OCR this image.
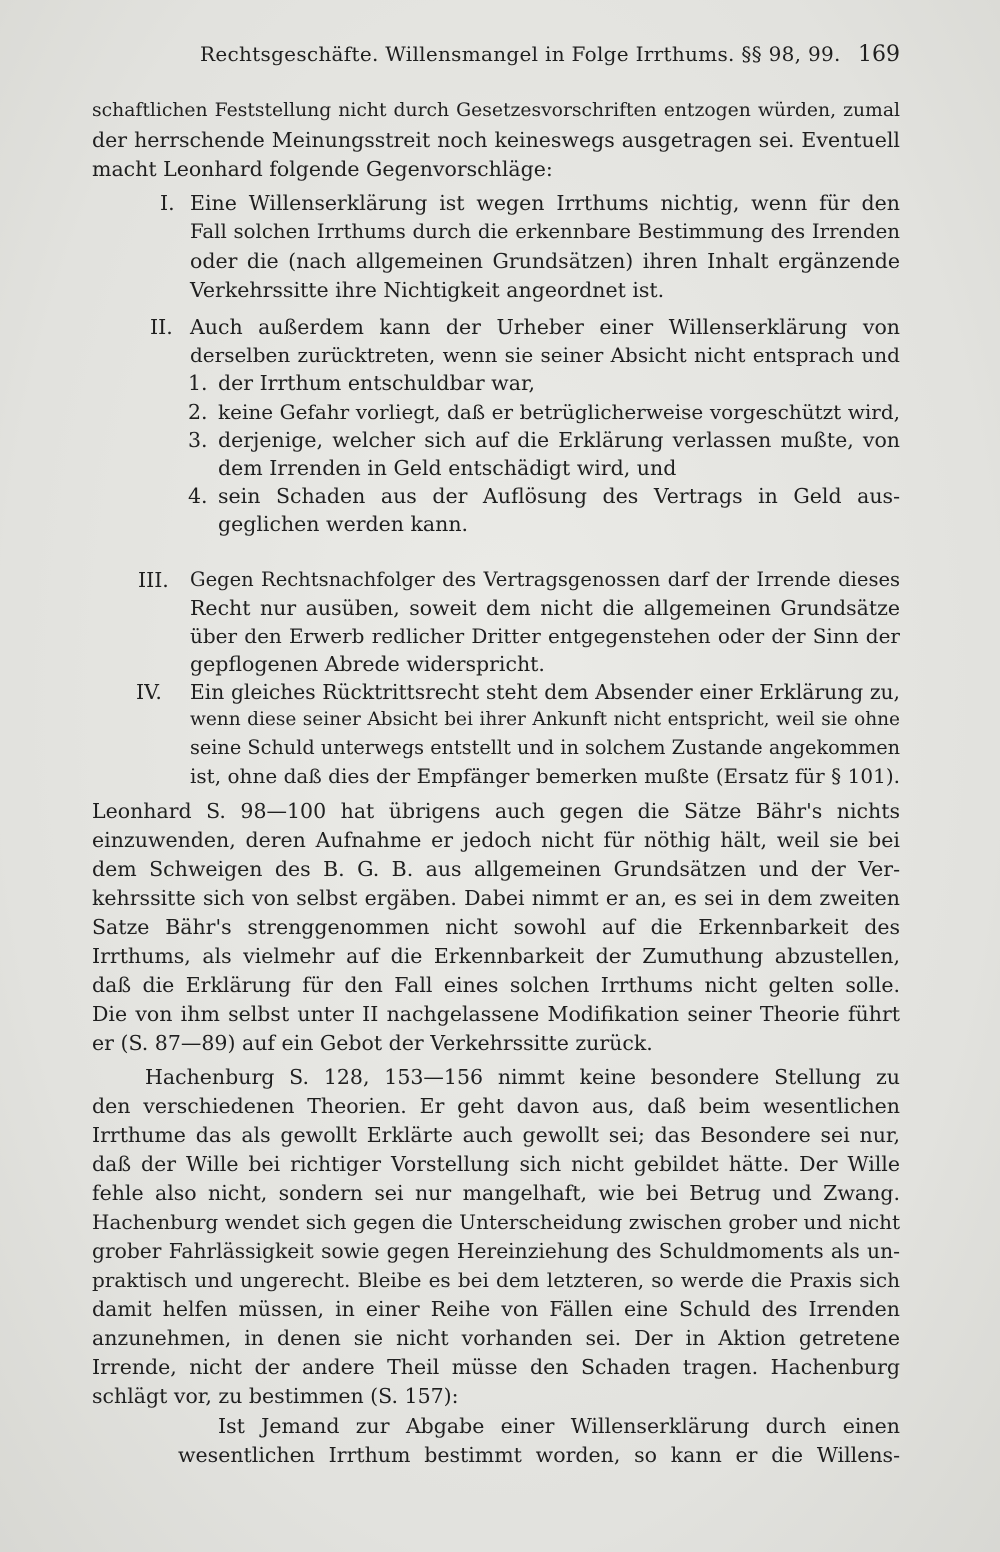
Rechtsgeschäfte. Willensmangel in Folge Irrthums. §§ 98, 99. 169
I.
II.
1.
2.
3.
4.
III.
IV.
schaftlichen Feststellung nicht durch Gesetzesvorschriften entzogen würden, zumal
der herrschende Meinungsstreit noch keineswegs ausgetragen sei. Eventuell
macht Leonhard folgende Gegenvorschläge:
Eine Willenserklärung ist wegen Irrthums nichtig, wenn für den
Fall solchen Irrthums durch die erkennbare Bestimmung des Irrenden
oder die (nach allgemeinen Grundsätzen) ihren Inhalt ergänzende
Verkehrssitte ihre Nichtigkeit angeordnet ist.
Auch außerdem kann der Urheber einer Willenserklärung von
derselben zurücktreten, wenn sie seiner Absicht nicht entsprach und
der Irrthum entschuldbar war,
keine Gefahr vorliegt, daß er betrüglicherweise vorgeschützt wird,
derjenige, welcher sich auf die Erklärung verlassen mußte, von
dem Irrenden in Geld entschädigt wird, und
sein Schaden aus der Auflösung des Vertrags in Geld aus-
geglichen werden kann.
Gegen Rechtsnachfolger des Vertragsgenossen darf der Irrende dieses
Recht nur ausüben, soweit dem nicht die allgemeinen Grundsätze
über den Erwerb redlicher Dritter entgegenstehen oder der Sinn der
gepflogenen Abrede widerspricht.
Ein gleiches Rücktrittsrecht steht dem Absender einer Erklärung zu,
wenn diese seiner Absicht bei ihrer Ankunft nicht entspricht, weil sie ohne
seine Schuld unterwegs entstellt und in solchem Zustande angekommen
ist, ohne daß dies der Empfänger bemerken mußte (Ersatz für § 101).
Leonhard S. 98—100 hat übrigens auch gegen die Sätze Bähr's nichts
einzuwenden, deren Aufnahme er jedoch nicht für nöthig hält, weil sie bei
dem Schweigen des B. G. B. aus allgemeinen Grundsätzen und der Ver-
kehrssitte sich von selbst ergäben. Dabei nimmt er an, es sei in dem zweiten
Satze Bähr's strenggenommen nicht sowohl auf die Erkennbarkeit des
Irrthums, als vielmehr auf die Erkennbarkeit der Zumuthung abzustellen,
daß die Erklärung für den Fall eines solchen Irrthums nicht gelten solle.
Die von ihm selbst unter II nachgelassene Modifikation seiner Theorie führt
er (S. 87—89) auf ein Gebot der Verkehrssitte zurück.
Hachenburg S. 128, 153—156 nimmt keine besondere Stellung zu
den verschiedenen Theorien. Er geht davon aus, daß beim wesentlichen
Irrthume das als gewollt Erklärte auch gewollt sei; das Besondere sei nur,
daß der Wille bei richtiger Vorstellung sich nicht gebildet hätte. Der Wille
fehle also nicht, sondern sei nur mangelhaft, wie bei Betrug und Zwang.
Hachenburg wendet sich gegen die Unterscheidung zwischen grober und nicht
grober Fahrlässigkeit sowie gegen Hereinziehung des Schuldmoments als un-
praktisch und ungerecht. Bleibe es bei dem letzteren, so werde die Praxis sich
damit helfen müssen, in einer Reihe von Fällen eine Schuld des Irrenden
anzunehmen, in denen sie nicht vorhanden sei. Der in Aktion getretene
Irrende, nicht der andere Theil müsse den Schaden tragen. Hachenburg
schlägt vor, zu bestimmen (S. 157):
Ist Jemand zur Abgabe einer Willenserklärung durch einen
wesentlichen Irrthum bestimmt worden, so kann er die Willens-
